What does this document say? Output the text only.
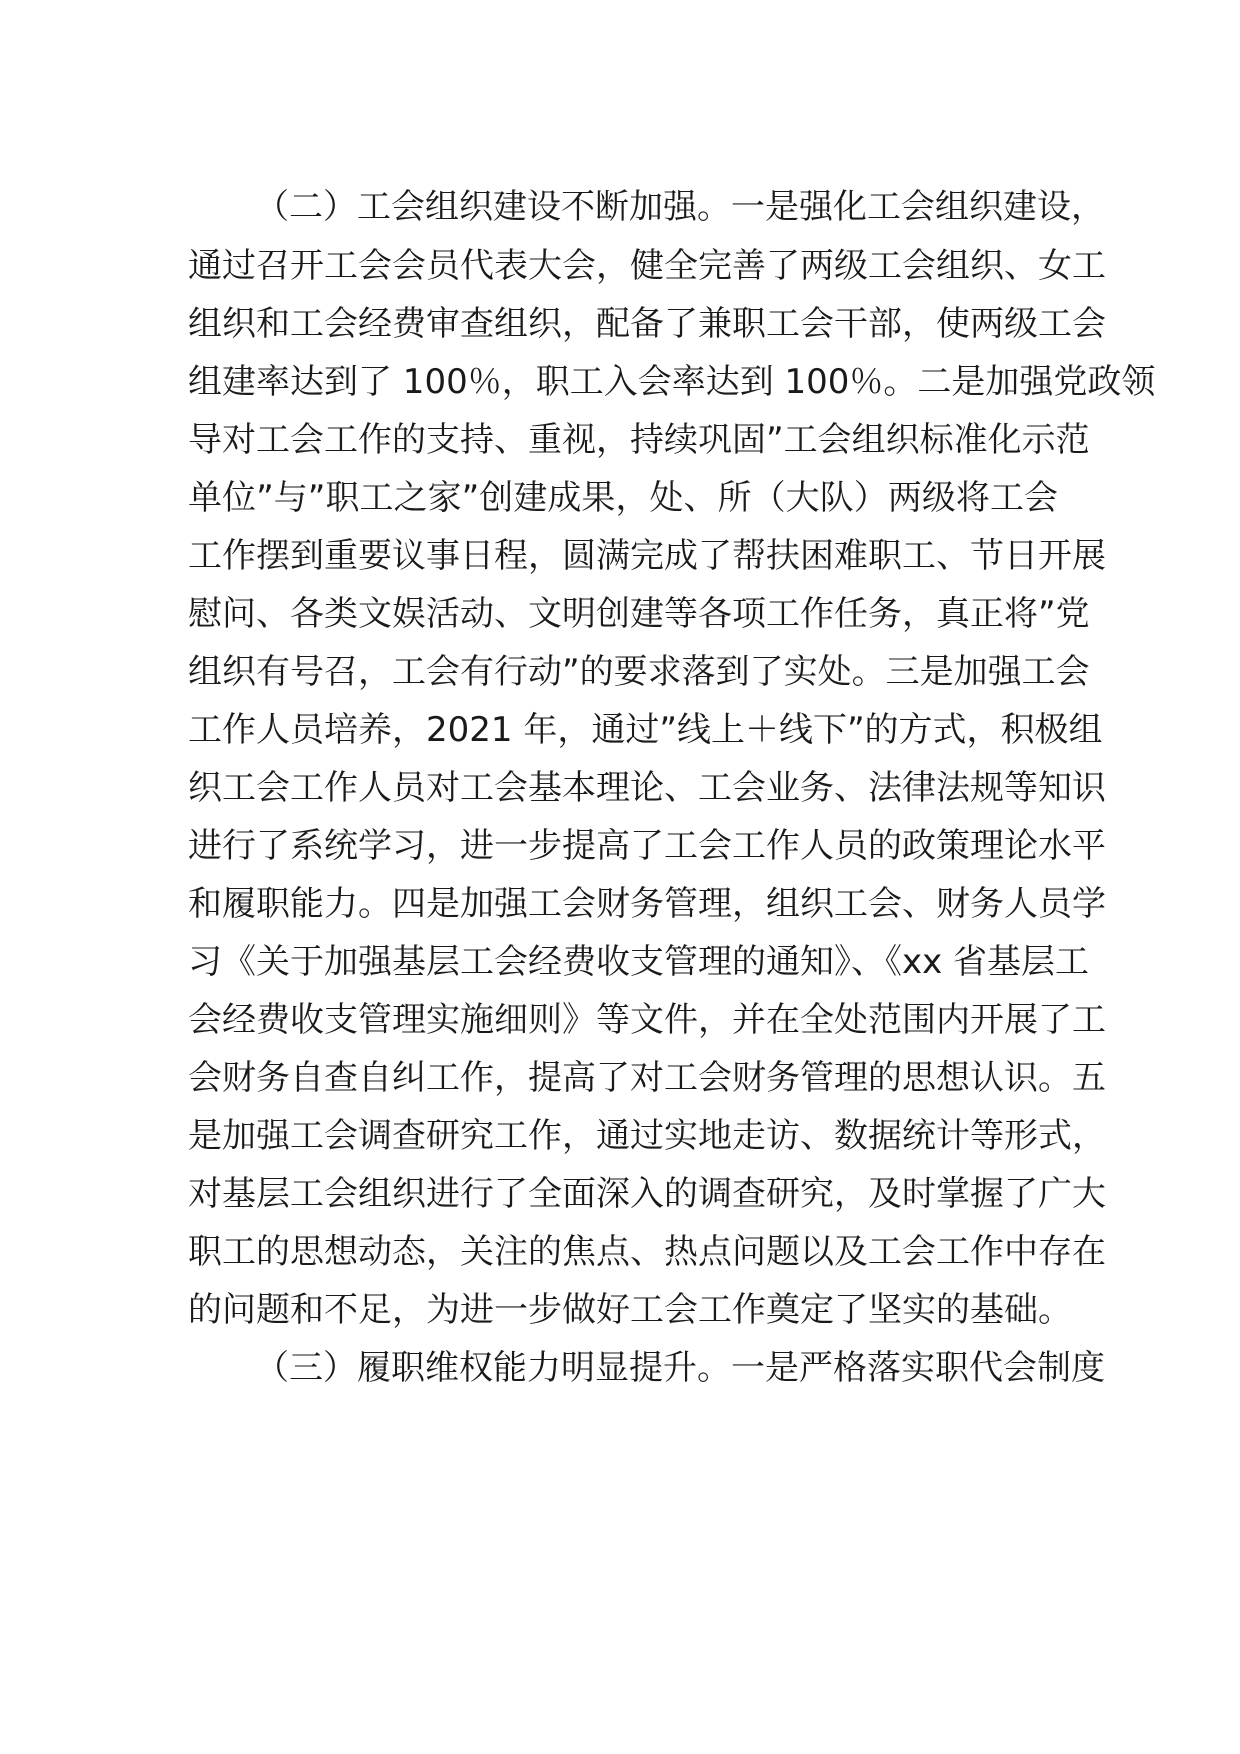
（二）工会组织建设不断加强。一是强化工会组织建设，
通过召开工会会员代表大会，健全完善了两级工会组织、女工
组织和工会经费审查组织，配备了兼职工会干部，使两级工会
组建率达到了 100％，职工入会率达到 100％。二是加强党政领
导对工会工作的支持、重视，持续巩固”工会组织标准化示范
单位”与”职工之家”创建成果，处、所（大队）两级将工会
工作摆到重要议事日程，圆满完成了帮扶困难职工、节日开展
慰问、各类文娱活动、文明创建等各项工作任务，真正将”党
组织有号召，工会有行动”的要求落到了实处。三是加强工会
工作人员培养，2021 年，通过”线上＋线下”的方式，积极组
织工会工作人员对工会基本理论、工会业务、法律法规等知识
进行了系统学习，进一步提高了工会工作人员的政策理论水平
和履职能力。四是加强工会财务管理，组织工会、财务人员学
习《关于加强基层工会经费收支管理的通知》、《xx 省基层工
会经费收支管理实施细则》等文件，并在全处范围内开展了工
会财务自查自纠工作，提高了对工会财务管理的思想认识。五
是加强工会调查研究工作，通过实地走访、数据统计等形式，
对基层工会组织进行了全面深入的调查研究，及时掌握了广大
职工的思想动态，关注的焦点、热点问题以及工会工作中存在
的问题和不足，为进一步做好工会工作奠定了坚实的基础。
（三）履职维权能力明显提升。一是严格落实职代会制度
